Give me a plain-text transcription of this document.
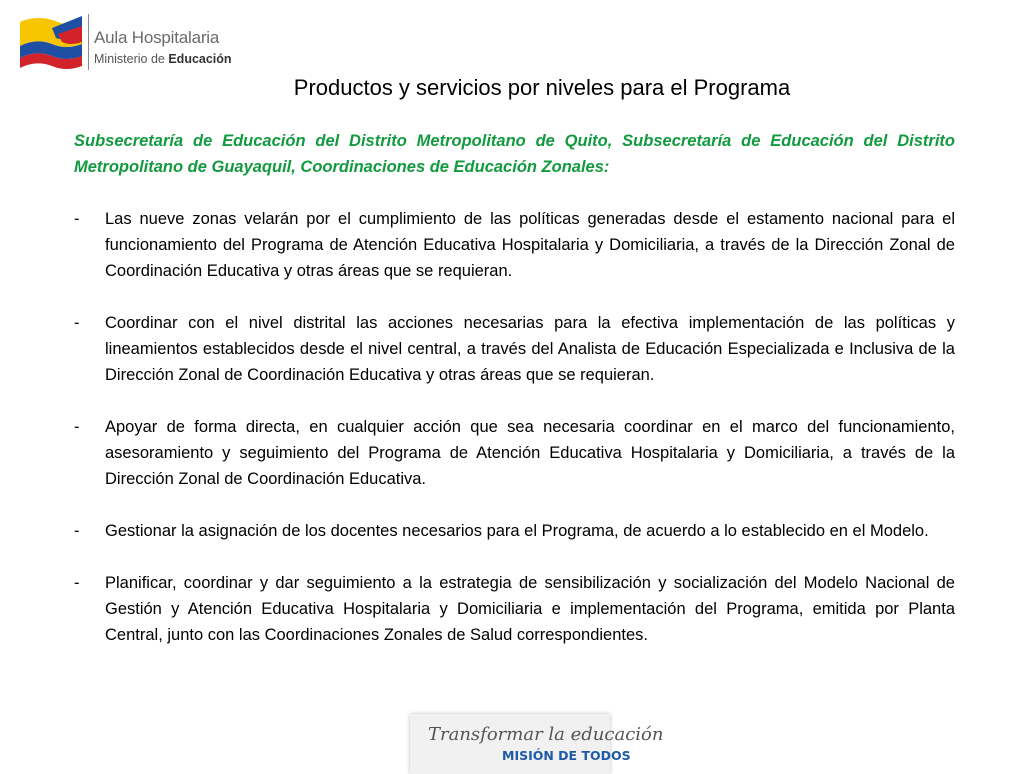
Aula Hospitalaria
Ministerio de Educación
Productos y servicios por niveles para el Programa

Subsecretaría de Educación del Distrito Metropolitano de Quito, Subsecretaría de Educación del Distrito Metropolitano de Guayaquil, Coordinaciones de Educación Zonales:

- Las nueve zonas velarán por el cumplimiento de las políticas generadas desde el estamento nacional para el funcionamiento del Programa de Atención Educativa Hospitalaria y Domiciliaria, a través de la Dirección Zonal de Coordinación Educativa y otras áreas que se requieran.
- Coordinar con el nivel distrital las acciones necesarias para la efectiva implementación de las políticas y lineamientos establecidos desde el nivel central, a través del Analista de Educación Especializada e Inclusiva de la Dirección Zonal de Coordinación Educativa y otras áreas que se requieran.
- Apoyar de forma directa, en cualquier acción que sea necesaria coordinar en el marco del funcionamiento, asesoramiento y seguimiento del Programa de Atención Educativa Hospitalaria y Domiciliaria, a través de la Dirección Zonal de Coordinación Educativa.
- Gestionar la asignación de los docentes necesarios para el Programa, de acuerdo a lo establecido en el Modelo.
- Planificar, coordinar y dar seguimiento a la estrategia de sensibilización y socialización del Modelo Nacional de Gestión y Atención Educativa Hospitalaria y Domiciliaria e implementación del Programa, emitida por Planta Central, junto con las Coordinaciones Zonales de Salud correspondientes.
Transformar la educación
MISIÓN DE TODOS
